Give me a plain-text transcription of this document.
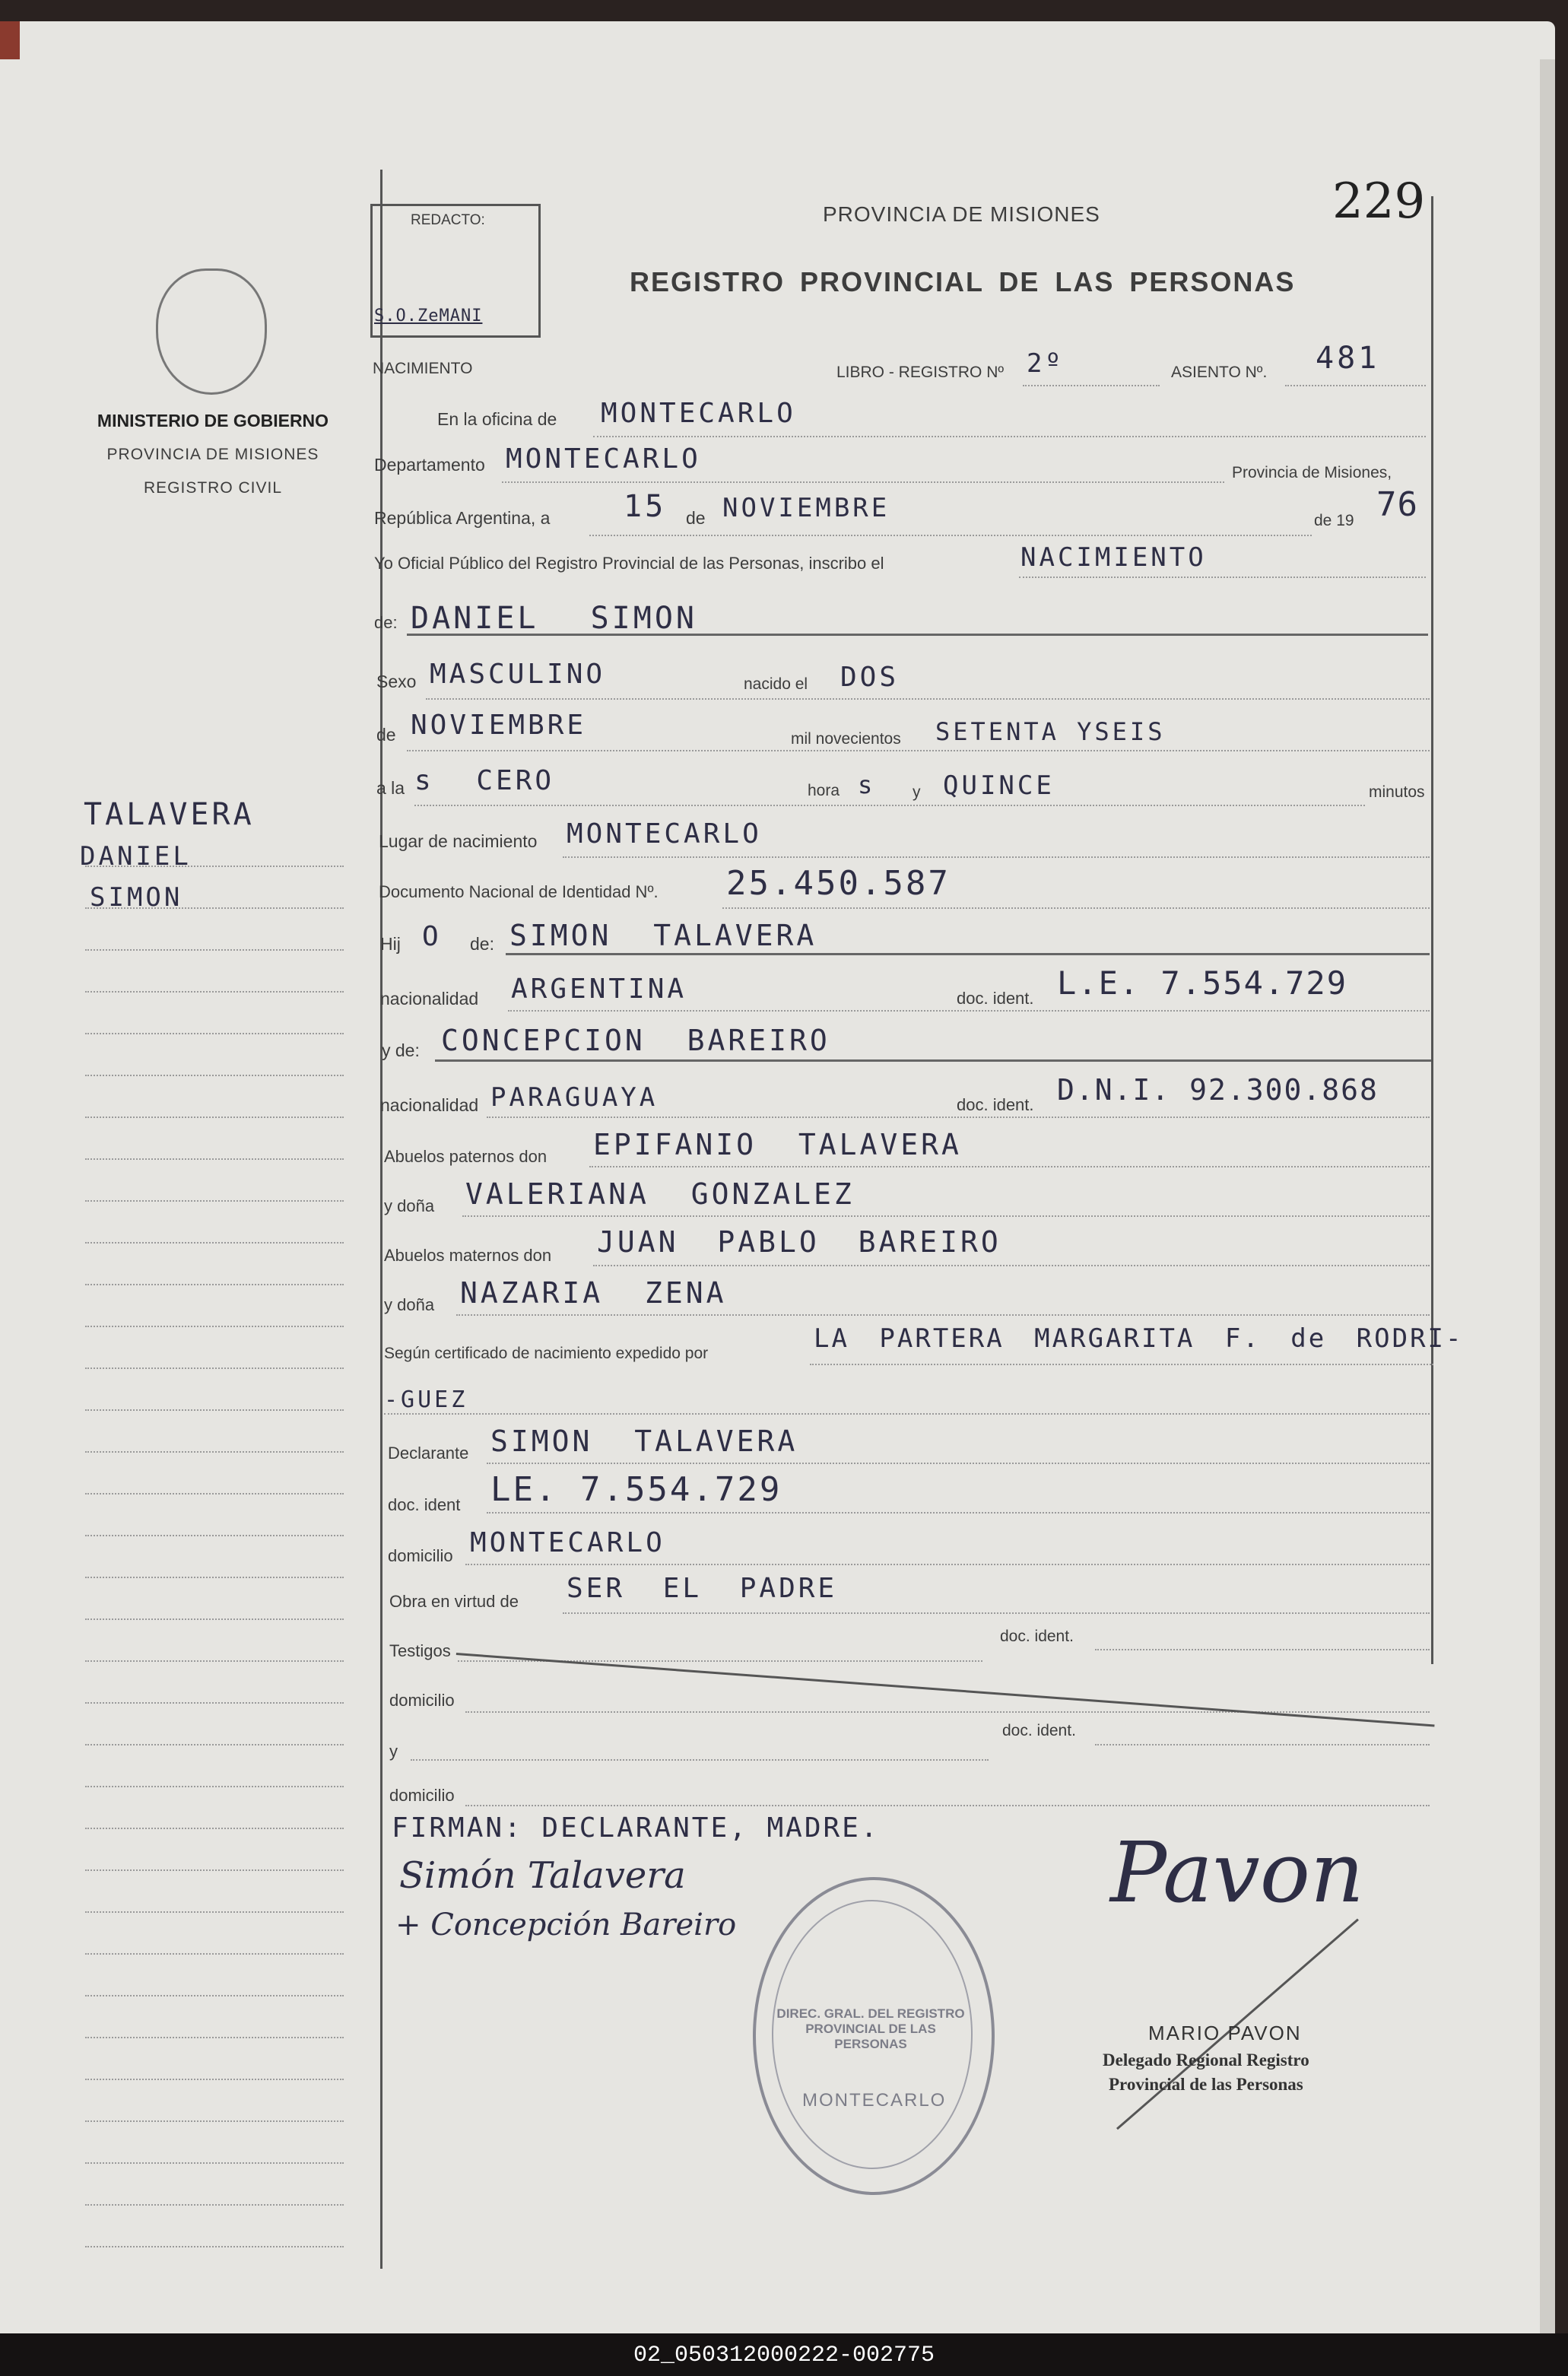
MINISTERIO DE GOBIERNO
PROVINCIA DE MISIONES
REGISTRO CIVIL
TALAVERA
DANIEL
SIMON
REDACTO:
S.O.ZeMANI
PROVINCIA DE MISIONES
REGISTRO PROVINCIAL DE LAS PERSONAS
229
NACIMIENTO	LIBRO - REGISTRO Nº 2º	ASIENTO Nº. 481
En la oficina de MONTECARLO
Departamento MONTECARLO	Provincia de Misiones,
República Argentina, a 15 de NOVIEMBRE	de 19 76
Yo Oficial Público del Registro Provincial de las Personas, inscribo el	NACIMIENTO
de: DANIEL SIMON
Sexo MASCULINO	nacido el DOS
de NOVIEMBRE	mil novecientos SETENTA YSEIS
a la s CERO	hora s y QUINCE	minutos
Lugar de nacimiento MONTECARLO
Documento Nacional de Identidad Nº. 25.450.587
Hij O de: SIMON TALAVERA
nacionalidad ARGENTINA	doc. ident. L.E. 7.554.729
y de: CONCEPCION BAREIRO
nacionalidad PARAGUAYA	doc. ident. D.N.I. 92.300.868
Abuelos paternos don EPIFANIO TALAVERA
y doña VALERIANA GONZALEZ
Abuelos maternos don JUAN PABLO BAREIRO
y doña NAZARIA ZENA
Según certificado de nacimiento expedido por	LA PARTERA MARGARITA F. de RODRI-
-GUEZ
Declarante SIMON TALAVERA
doc. ident LE. 7.554.729
domicilio MONTECARLO
Obra en virtud de SER EL PADRE
Testigos
doc. ident.
domicilio
y
doc. ident.
domicilio
FIRMAN: DECLARANTE, MADRE.
Simón Talavera
+ Concepción Bareiro
DIREC. GRAL. DEL REGISTRO PROVINCIAL DE LAS PERSONAS
MONTECARLO
Pavon
MARIO PAVON
Delegado Regional Registro
Provincial de las Personas
02_050312000222-002775
